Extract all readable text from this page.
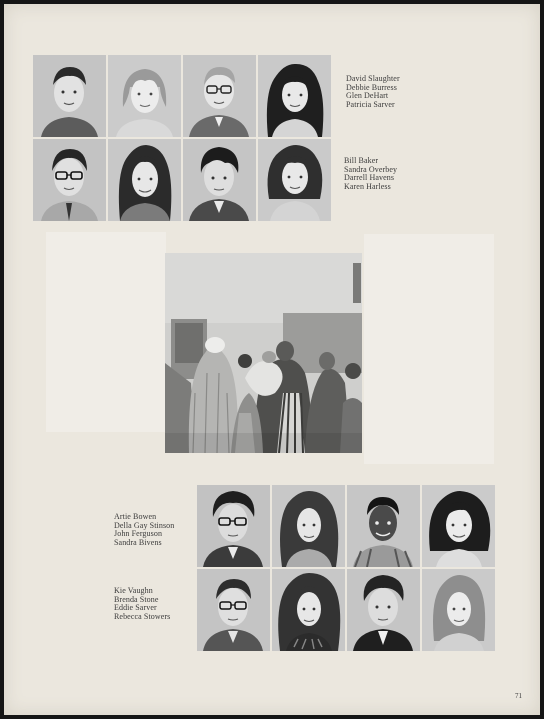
David Slaughter
Debbie Burress
Glen DeHart
Patricia Sarver
Bill Baker
Sandra Overbey
Darrell Havens
Karen Harless
Artie Bowen
Della Gay Stinson
John Ferguson
Sandra Bivens
Kie Vaughn
Brenda Stone
Eddie Sarver
Rebecca Stowers
71
